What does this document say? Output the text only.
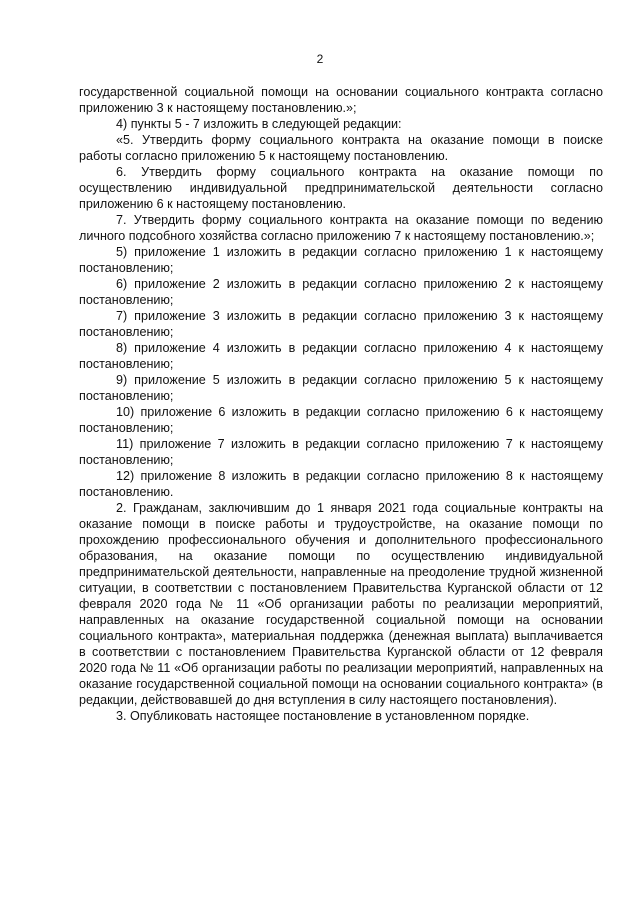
2

государственной социальной помощи на основании социального контракта согласно приложению 3 к настоящему постановлению.»;

4) пункты 5 - 7 изложить в следующей редакции:

«5. Утвердить форму социального контракта на оказание помощи в поиске работы согласно приложению 5 к настоящему постановлению.

6. Утвердить форму социального контракта на оказание помощи по осуществлению индивидуальной предпринимательской деятельности согласно приложению 6 к настоящему постановлению.

7. Утвердить форму социального контракта на оказание помощи по ведению личного подсобного хозяйства согласно приложению 7 к настоящему постановлению.»;

5) приложение 1 изложить в редакции согласно приложению 1 к настоящему постановлению;

6) приложение 2 изложить в редакции согласно приложению 2 к настоящему постановлению;

7) приложение 3 изложить в редакции согласно приложению 3 к настоящему постановлению;

8) приложение 4 изложить в редакции согласно приложению 4 к настоящему постановлению;

9) приложение 5 изложить в редакции согласно приложению 5 к настоящему постановлению;

10) приложение 6 изложить в редакции согласно приложению 6 к настоящему постановлению;

11) приложение 7 изложить в редакции согласно приложению 7 к настоящему постановлению;

12) приложение 8 изложить в редакции согласно приложению 8 к настоящему постановлению.

2. Гражданам, заключившим до 1 января 2021 года социальные контракты на оказание помощи в поиске работы и трудоустройстве, на оказание помощи по прохождению профессионального обучения и дополнительного профессионального образования, на оказание помощи по осуществлению индивидуальной предпринимательской деятельности, направленные на преодоление трудной жизненной ситуации, в соответствии с постановлением Правительства Курганской области от 12 февраля 2020 года № 11 «Об организации работы по реализации мероприятий, направленных на оказание государственной социальной помощи на основании социального контракта», материальная поддержка (денежная выплата) выплачивается в соответствии с постановлением Правительства Курганской области от 12 февраля 2020 года № 11 «Об организации работы по реализации мероприятий, направленных на оказание государственной социальной помощи на основании социального контракта» (в редакции, действовавшей до дня вступления в силу настоящего постановления).

3. Опубликовать настоящее постановление в установленном порядке.
